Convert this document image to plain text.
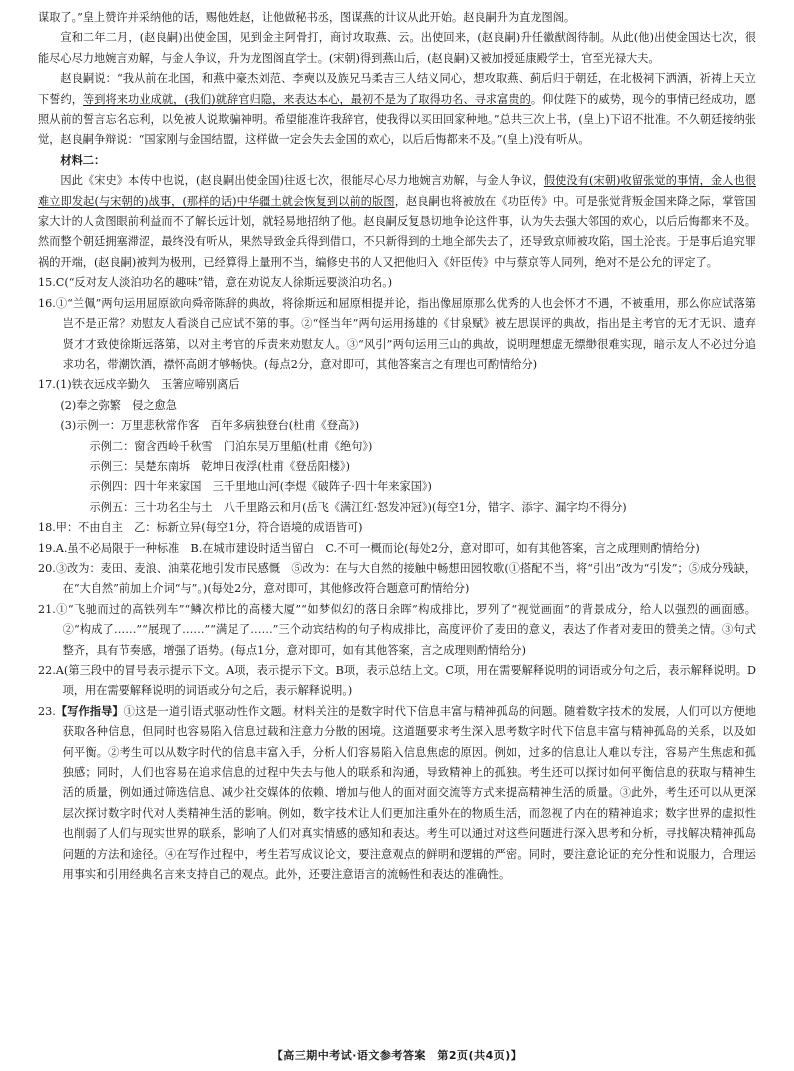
谋取了。”皇上赞许并采纳他的话，赐他姓赵，让他做秘书丞，图谋燕的计议从此开始。赵良嗣升为直龙图阁。

宣和二年二月，(赵良嗣)出使金国，见到金主阿骨打，商讨攻取燕、云。出使回来，(赵良嗣)升任徽猷阁待制。从此(他)出使金国达七次，很能尽心尽力地婉言劝解，与金人争议，升为龙图阁直学士。(宋朝)得到燕山后，(赵良嗣)又被加授延康殿学士，官至光禄大夫。

赵良嗣说：“我从前在北国，和燕中豪杰刘范、李奭以及族兄马柔吉三人结义同心，想攻取燕、蓟后归于朝廷，在北极祠下洒酒，祈祷上天立下誓约，等到将来功业成就，(我们)就辞官归隐，来表达本心，最初不是为了取得功名、寻求富贵的。仰仗陛下的威势，现今的事情已经成功，愿照从前的誓言忘名忘利，以免被人说欺骗神明。希望能准许我辞官，使我得以买田回家种地。”总共三次上书，(皇上)下诏不批准。不久朝廷接纳张觉，赵良嗣争辩说：“国家刚与金国结盟，这样做一定会失去金国的欢心，以后后悔都来不及。”(皇上)没有听从。

材料二：

因此《宋史》本传中也说，(赵良嗣出使金国)往返七次，很能尽心尽力地婉言劝解，与金人争议，假使没有(宋朝)收留张觉的事情，金人也很难立即发起(与宋朝的)战事，(那样的话)中华疆土就会恢复到以前的版图，赵良嗣也将被放在《功臣传》中。可是张觉背叛金国来降之际，掌管国家大计的人贪图眼前利益而不了解长远计划，就轻易地招纳了他。赵良嗣反复恳切地争论这件事，认为失去强大邻国的欢心，以后后悔都来不及。然而整个朝廷拥塞滞涩，最终没有听从，果然导致金兵得到借口，不只新得到的土地全部失去了，还导致京师被攻陷，国土沦丧。于是事后追究罪祸的开端，(赵良嗣)被判为极刑，已经算得上量刑不当，编修史书的人又把他归入《奸臣传》中与蔡京等人同列，绝对不是公允的评定了。

15.C(“反对友人淡泊功名的趣味”错，意在劝说友人徐斯远要淡泊功名。)

16.①“兰佩”两句运用屈原欲向舜帝陈辞的典故，将徐斯远和屈原相提并论，指出像屈原那么优秀的人也会怀才不遇，不被重用，那么你应试落第岂不是正常？劝慰友人看淡自己应试不第的事。②“怪当年”两句运用扬雄的《甘泉赋》被左思误评的典故，指出是主考官的无才无识、遗弃贤才才致使徐斯远落第，以对主考官的斥责来劝慰友人。③“风引”两句运用三山的典故，说明理想虚无缥缈很难实现，暗示友人不必过分追求功名，带潮饮酒，襟怀高朗才够畅快。(每点2分，意对即可，其他答案言之有理也可酌情给分)

17.(1)铁衣远戍辛勤久　玉箸应啼别离后

(2)奉之弥繁　侵之愈急

(3)示例一：万里悲秋常作客　百年多病独登台(杜甫《登高》)

示例二：窗含西岭千秋雪　门泊东吴万里船(杜甫《绝句》)

示例三：吴楚东南坼　乾坤日夜浮(杜甫《登岳阳楼》)

示例四：四十年来家国　三千里地山河(李煜《破阵子·四十年来家国》)

示例五：三十功名尘与土　八千里路云和月(岳飞《满江红·怒发冲冠》)(每空1分，错字、添字、漏字均不得分)

18.甲：不由自主　乙：标新立异(每空1分，符合语境的成语皆可)

19.A.虽不必局限于一种标准　B.在城市建设时适当留白　C.不可一概而论(每处2分，意对即可，如有其他答案，言之成理则酌情给分)

20.③改为：麦田、麦浪、油菜花地引发市民感慨　⑤改为：在与大自然的接触中畅想田园牧歌(①搭配不当，将“引出”改为“引发”；⑤成分残缺，在“大自然”前加上介词“与”。)(每处2分，意对即可，其他修改符合题意可酌情给分)

21.①“飞驰而过的高铁列车”“鳞次栉比的高楼大厦”“如梦似幻的落日余晖”构成排比，罗列了“视觉画面”的背景成分，给人以强烈的画面感。②“构成了……”“展现了……”“满足了……”三个动宾结构的句子构成排比，高度评价了麦田的意义，表达了作者对麦田的赞美之情。③句式整齐，具有节奏感，增强了语势。(每点1分，意对即可，如有其他答案，言之成理则酌情给分)

22.A(第三段中的冒号表示提示下文。A项，表示提示下文。B项，表示总结上文。C项，用在需要解释说明的词语或分句之后，表示解释说明。D项，用在需要解释说明的词语或分句之后，表示解释说明。)

23.【写作指导】①这是一道引语式驱动性作文题。材料关注的是数字时代下信息丰富与精神孤岛的问题。随着数字技术的发展，人们可以方便地获取各种信息，但同时也容易陷入信息过载和注意力分散的困境。这道题要求考生深入思考数字时代下信息丰富与精神孤岛的关系，以及如何平衡。②考生可以从数字时代的信息丰富入手，分析人们容易陷入信息焦虑的原因。例如，过多的信息让人难以专注，容易产生焦虑和孤独感；同时，人们也容易在追求信息的过程中失去与他人的联系和沟通，导致精神上的孤独。考生还可以探讨如何平衡信息的获取与精神生活的质量，例如通过筛选信息、减少社交媒体的依赖、增加与他人的面对面交流等方式来提高精神生活的质量。③此外，考生还可以从更深层次探讨数字时代对人类精神生活的影响。例如，数字技术让人们更加注重外在的物质生活，而忽视了内在的精神追求；数字世界的虚拟性也削弱了人们与现实世界的联系，影响了人们对真实情感的感知和表达。考生可以通过对这些问题进行深入思考和分析，寻找解决精神孤岛问题的方法和途径。④在写作过程中，考生若写成议论文，要注意观点的鲜明和逻辑的严密。同时，要注意论证的充分性和说服力，合理运用事实和引用经典名言来支持自己的观点。此外，还要注意语言的流畅性和表达的准确性。

【高三期中考试·语文参考答案　第2页(共4页)】
